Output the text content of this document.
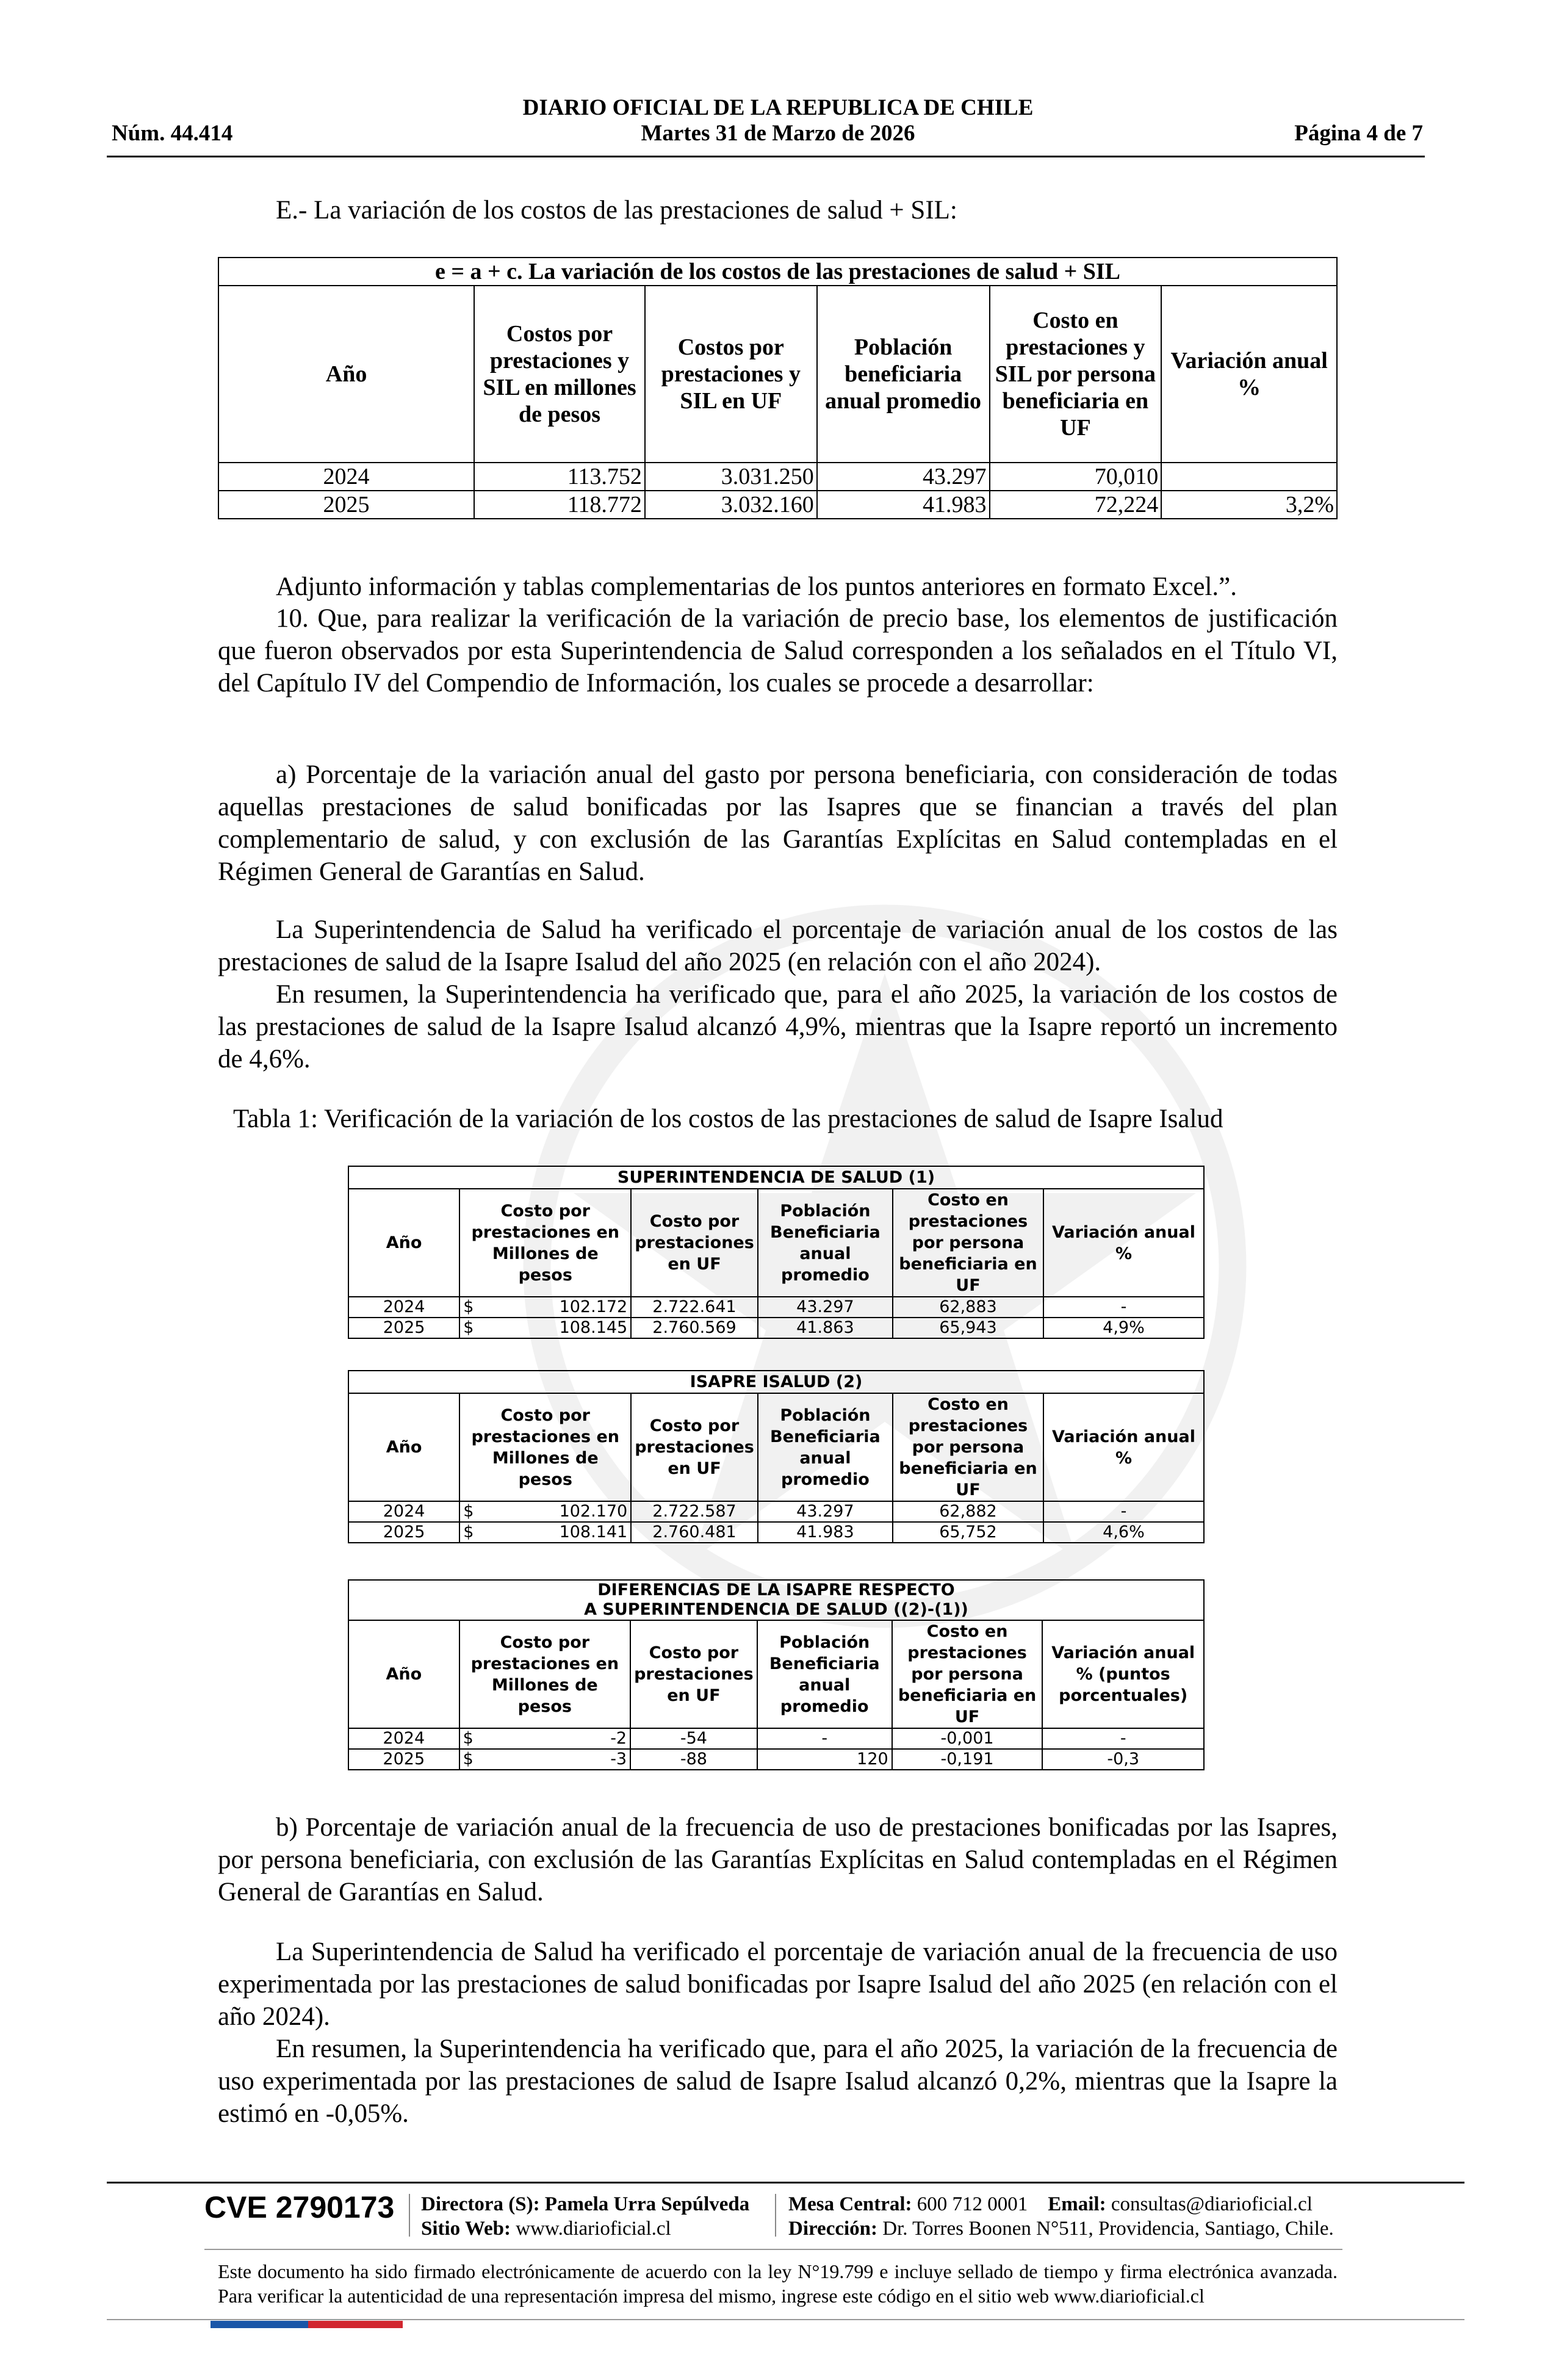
DIARIO OFICIAL DE LA REPUBLICA DE CHILE
Núm. 44.414	Martes 31 de Marzo de 2026	Página 4 de 7
E.- La variación de los costos de las prestaciones de salud + SIL:
e = a + c. La variación de los costos de las prestaciones de salud + SIL					
Año	Costos por prestaciones y SIL en millones de pesos	Costos por prestaciones y SIL en UF	Población beneficiaria anual promedio	Costo en prestaciones y SIL por persona beneficiaria en UF	Variación anual %
2024	113.752	3.031.250	43.297	70,010	
2025	118.772	3.032.160	41.983	72,224	3,2%
Adjunto información y tablas complementarias de los puntos anteriores en formato Excel.”.
10. Que, para realizar la verificación de la variación de precio base, los elementos de justificación que fueron observados por esta Superintendencia de Salud corresponden a los señalados en el Título VI, del Capítulo IV del Compendio de Información, los cuales se procede a desarrollar:
a) Porcentaje de la variación anual del gasto por persona beneficiaria, con consideración de todas aquellas prestaciones de salud bonificadas por las Isapres que se financian a través del plan complementario de salud, y con exclusión de las Garantías Explícitas en Salud contempladas en el Régimen General de Garantías en Salud.
La Superintendencia de Salud ha verificado el porcentaje de variación anual de los costos de las prestaciones de salud de la Isapre Isalud del año 2025 (en relación con el año 2024).
En resumen, la Superintendencia ha verificado que, para el año 2025, la variación de los costos de las prestaciones de salud de la Isapre Isalud alcanzó 4,9%, mientras que la Isapre reportó un incremento de 4,6%.
Tabla 1: Verificación de la variación de los costos de las prestaciones de salud de Isapre Isalud
SUPERINTENDENCIA DE SALUD (1)					
Año	Costo por prestaciones en Millones de pesos	Costo por prestaciones en UF	Población Beneficiaria anual promedio	Costo en prestaciones por persona beneficiaria en UF	Variación anual %
2024	$ 102.172	2.722.641	43.297	62,883	-
2025	$ 108.145	2.760.569	41.863	65,943	4,9%
ISAPRE ISALUD (2)					
Año	Costo por prestaciones en Millones de pesos	Costo por prestaciones en UF	Población Beneficiaria anual promedio	Costo en prestaciones por persona beneficiaria en UF	Variación anual %
2024	$ 102.170	2.722.587	43.297	62,882	-
2025	$ 108.141	2.760.481	41.983	65,752	4,6%
DIFERENCIAS DE LA ISAPRE RESPECTO
A SUPERINTENDENCIA DE SALUD ((2)-(1))					
Año	Costo por prestaciones en Millones de pesos	Costo por prestaciones en UF	Población Beneficiaria anual promedio	Costo en prestaciones por persona beneficiaria en UF	Variación anual % (puntos porcentuales)
2024	$ -2	-54	-	-0,001	-
2025	$ -3	-88	120	-0,191	-0,3
b) Porcentaje de variación anual de la frecuencia de uso de prestaciones bonificadas por las Isapres, por persona beneficiaria, con exclusión de las Garantías Explícitas en Salud contempladas en el Régimen General de Garantías en Salud.
La Superintendencia de Salud ha verificado el porcentaje de variación anual de la frecuencia de uso experimentada por las prestaciones de salud bonificadas por Isapre Isalud del año 2025 (en relación con el año 2024).
En resumen, la Superintendencia ha verificado que, para el año 2025, la variación de la frecuencia de uso experimentada por las prestaciones de salud de Isapre Isalud alcanzó 0,2%, mientras que la Isapre la estimó en -0,05%.
CVE 2790173 Directora (S): Pamela Urra Sepúlveda
Sitio Web: www.diarioficial.cl
Mesa Central: 600 712 0001 Email: consultas@diarioficial.cl
Dirección: Dr. Torres Boonen N°511, Providencia, Santiago, Chile.
Este documento ha sido firmado electrónicamente de acuerdo con la ley N°19.799 e incluye sellado de tiempo y firma electrónica avanzada. Para verificar la autenticidad de una representación impresa del mismo, ingrese este código en el sitio web www.diarioficial.cl
